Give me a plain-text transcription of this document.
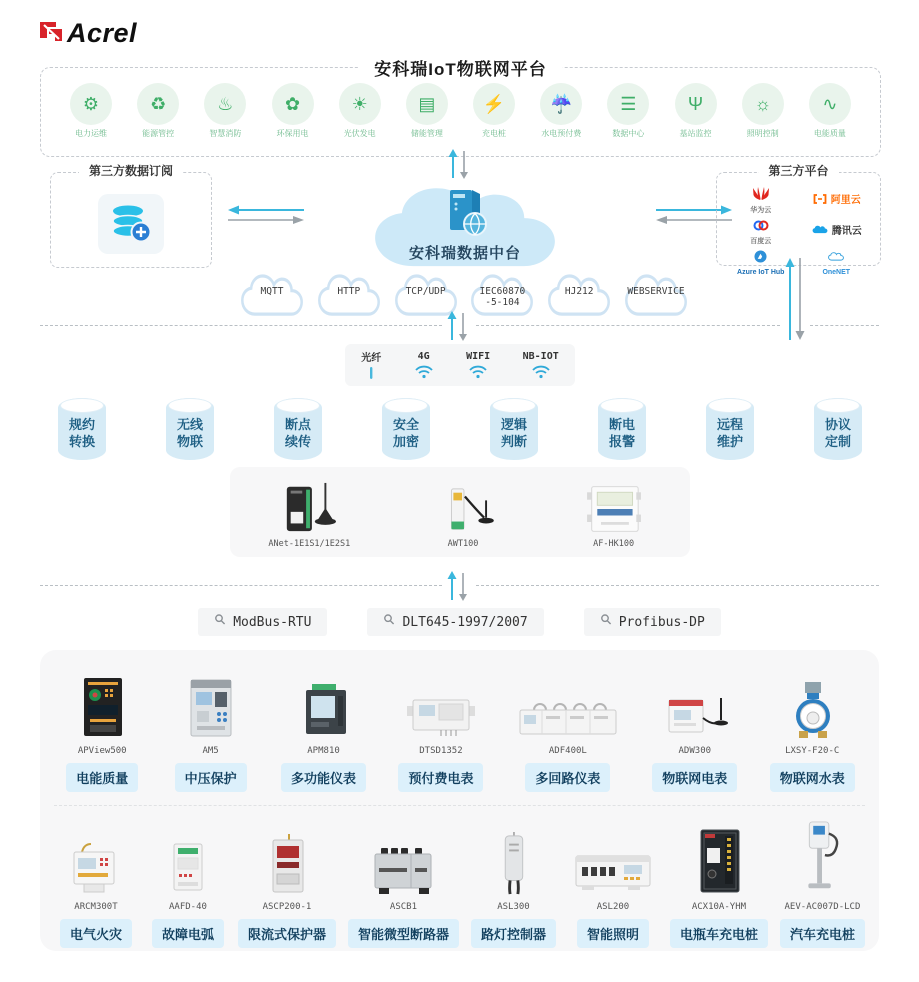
Acrel
安科瑞IoT物联网平台
⚙
电力运维
♻
能源管控
♨
智慧消防
✿
环保用电
☀
光伏发电
▤
储能管理
⚡
充电桩
☔
水电预付费
☰
数据中心
Ψ
基站监控
☼
照明控制
∿
电能质量
第三方数据订阅
安科瑞数据中台
第三方平台
华为云
阿里云
百度云
腾讯云
Azure IoT Hub	OneNET
MQTT	HTTP	TCP/UDP	IEC60870
-5-104
HJ212	WEBSERVICE
光纤	4G	WIFI	NB-IOT
规约
转换
无线
物联
断点
续传
安全
加密
逻辑
判断
断电
报警
远程
维护
协议
定制
ANet-1E1S1/1E2S1	AWT100	AF-HK100
ModBus-RTU	DLT645-1997/2007	Profibus-DP
APView500
电能质量
AM5
中压保护
APM810
多功能仪表
DTSD1352
预付费电表
ADF400L
多回路仪表
ADW300
物联网电表
LXSY-F20-C
物联网水表
ARCM300T
电气火灾
AAFD-40
故障电弧
ASCP200-1
限流式保护器
ASCB1
智能微型断路器
ASL300
路灯控制器
ASL200
智能照明
ACX10A-YHM
电瓶车充电桩
AEV-AC007D-LCD
汽车充电桩
